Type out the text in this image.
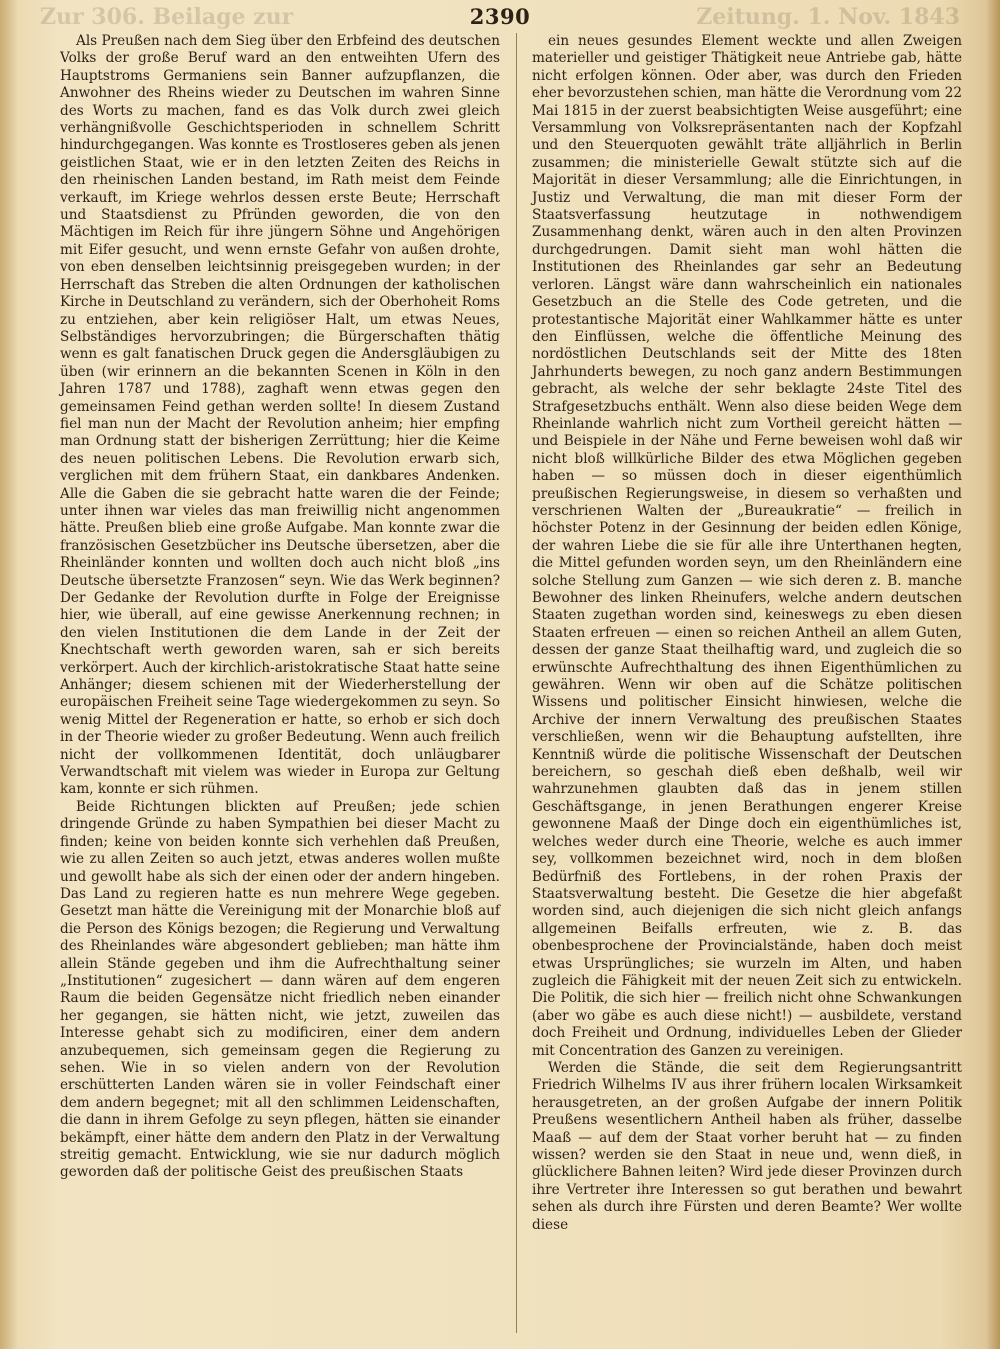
Zur 306. Beilage zur	Zeitung. 1. Nov. 1843
2390

Als Preußen nach dem Sieg über den Erbfeind des deutschen Volks der große Beruf ward an den entweihten Ufern des Hauptstroms Germaniens sein Banner aufzupflanzen, die Anwohner des Rheins wieder zu Deutschen im wahren Sinne des Worts zu machen, fand es das Volk durch zwei gleich verhängnißvolle Geschichtsperioden in schnellem Schritt hindurchgegangen. Was konnte es Trostloseres geben als jenen geistlichen Staat, wie er in den letzten Zeiten des Reichs in den rheinischen Landen bestand, im Rath meist dem Feinde verkauft, im Kriege wehrlos dessen erste Beute; Herrschaft und Staatsdienst zu Pfründen geworden, die von den Mächtigen im Reich für ihre jüngern Söhne und Angehörigen mit Eifer gesucht, und wenn ernste Gefahr von außen drohte, von eben denselben leichtsinnig preisgegeben wurden; in der Herrschaft das Streben die alten Ordnungen der katholischen Kirche in Deutschland zu verändern, sich der Oberhoheit Roms zu entziehen, aber kein religiöser Halt, um etwas Neues, Selbständiges hervorzubringen; die Bürgerschaften thätig wenn es galt fanatischen Druck gegen die Andersgläubigen zu üben (wir erinnern an die bekannten Scenen in Köln in den Jahren 1787 und 1788), zaghaft wenn etwas gegen den gemeinsamen Feind gethan werden sollte! In diesem Zustand fiel man nun der Macht der Revolution anheim; hier empfing man Ordnung statt der bisherigen Zerrüttung; hier die Keime des neuen politischen Lebens. Die Revolution erwarb sich, verglichen mit dem frühern Staat, ein dankbares Andenken. Alle die Gaben die sie gebracht hatte waren die der Feinde; unter ihnen war vieles das man freiwillig nicht angenommen hätte. Preußen blieb eine große Aufgabe. Man konnte zwar die französischen Gesetzbücher ins Deutsche übersetzen, aber die Rheinländer konnten und wollten doch auch nicht bloß „ins Deutsche übersetzte Franzosen“ seyn. Wie das Werk beginnen? Der Gedanke der Revolution durfte in Folge der Ereignisse hier, wie überall, auf eine gewisse Anerkennung rechnen; in den vielen Institutionen die dem Lande in der Zeit der Knechtschaft werth geworden waren, sah er sich bereits verkörpert. Auch der kirchlich-aristokratische Staat hatte seine Anhänger; diesem schienen mit der Wiederherstellung der europäischen Freiheit seine Tage wiedergekommen zu seyn. So wenig Mittel der Regeneration er hatte, so erhob er sich doch in der Theorie wieder zu großer Bedeutung. Wenn auch freilich nicht der vollkommenen Identität, doch unläugbarer Verwandtschaft mit vielem was wieder in Europa zur Geltung kam, konnte er sich rühmen.

Beide Richtungen blickten auf Preußen; jede schien dringende Gründe zu haben Sympathien bei dieser Macht zu finden; keine von beiden konnte sich verhehlen daß Preußen, wie zu allen Zeiten so auch jetzt, etwas anderes wollen mußte und gewollt habe als sich der einen oder der andern hingeben. Das Land zu regieren hatte es nun mehrere Wege gegeben. Gesetzt man hätte die Vereinigung mit der Monarchie bloß auf die Person des Königs bezogen; die Regierung und Verwaltung des Rheinlandes wäre abgesondert geblieben; man hätte ihm allein Stände gegeben und ihm die Aufrechthaltung seiner „Institutionen“ zugesichert — dann wären auf dem engeren Raum die beiden Gegensätze nicht friedlich neben einander her gegangen, sie hätten nicht, wie jetzt, zuweilen das Interesse gehabt sich zu modificiren, einer dem andern anzubequemen, sich gemeinsam gegen die Regierung zu sehen. Wie in so vielen andern von der Revolution erschütterten Landen wären sie in voller Feindschaft einer dem andern begegnet; mit all den schlimmen Leidenschaften, die dann in ihrem Gefolge zu seyn pflegen, hätten sie einander bekämpft, einer hätte dem andern den Platz in der Verwaltung streitig gemacht. Entwicklung, wie sie nur dadurch möglich geworden daß der politische Geist des preußischen Staats

ein neues gesundes Element weckte und allen Zweigen materieller und geistiger Thätigkeit neue Antriebe gab, hätte nicht erfolgen können. Oder aber, was durch den Frieden eher bevorzustehen schien, man hätte die Verordnung vom 22 Mai 1815 in der zuerst beabsichtigten Weise ausgeführt; eine Versammlung von Volksrepräsentanten nach der Kopfzahl und den Steuerquoten gewählt träte alljährlich in Berlin zusammen; die ministerielle Gewalt stützte sich auf die Majorität in dieser Versammlung; alle die Einrichtungen, in Justiz und Verwaltung, die man mit dieser Form der Staatsverfassung heutzutage in nothwendigem Zusammenhang denkt, wären auch in den alten Provinzen durchgedrungen. Damit sieht man wohl hätten die Institutionen des Rheinlandes gar sehr an Bedeutung verloren. Längst wäre dann wahrscheinlich ein nationales Gesetzbuch an die Stelle des Code getreten, und die protestantische Majorität einer Wahlkammer hätte es unter den Einflüssen, welche die öffentliche Meinung des nordöstlichen Deutschlands seit der Mitte des 18ten Jahrhunderts bewegen, zu noch ganz andern Bestimmungen gebracht, als welche der sehr beklagte 24ste Titel des Strafgesetzbuchs enthält. Wenn also diese beiden Wege dem Rheinlande wahrlich nicht zum Vortheil gereicht hätten — und Beispiele in der Nähe und Ferne beweisen wohl daß wir nicht bloß willkürliche Bilder des etwa Möglichen gegeben haben — so müssen doch in dieser eigenthümlich preußischen Regierungsweise, in diesem so verhaßten und verschrienen Walten der „Bureaukratie“ — freilich in höchster Potenz in der Gesinnung der beiden edlen Könige, der wahren Liebe die sie für alle ihre Unterthanen hegten, die Mittel gefunden worden seyn, um den Rheinländern eine solche Stellung zum Ganzen — wie sich deren z. B. manche Bewohner des linken Rheinufers, welche andern deutschen Staaten zugethan worden sind, keineswegs zu eben diesen Staaten erfreuen — einen so reichen Antheil an allem Guten, dessen der ganze Staat theilhaftig ward, und zugleich die so erwünschte Aufrechthaltung des ihnen Eigenthümlichen zu gewähren. Wenn wir oben auf die Schätze politischen Wissens und politischer Einsicht hinwiesen, welche die Archive der innern Verwaltung des preußischen Staates verschließen, wenn wir die Behauptung aufstellten, ihre Kenntniß würde die politische Wissenschaft der Deutschen bereichern, so geschah dieß eben deßhalb, weil wir wahrzunehmen glaubten daß das in jenem stillen Geschäftsgange, in jenen Berathungen engerer Kreise gewonnene Maaß der Dinge doch ein eigenthümliches ist, welches weder durch eine Theorie, welche es auch immer sey, vollkommen bezeichnet wird, noch in dem bloßen Bedürfniß des Fortlebens, in der rohen Praxis der Staatsverwaltung besteht. Die Gesetze die hier abgefaßt worden sind, auch diejenigen die sich nicht gleich anfangs allgemeinen Beifalls erfreuten, wie z. B. das obenbesprochene der Provincialstände, haben doch meist etwas Ursprüngliches; sie wurzeln im Alten, und haben zugleich die Fähigkeit mit der neuen Zeit sich zu entwickeln. Die Politik, die sich hier — freilich nicht ohne Schwankungen (aber wo gäbe es auch diese nicht!) — ausbildete, verstand doch Freiheit und Ordnung, individuelles Leben der Glieder mit Concentration des Ganzen zu vereinigen.

Werden die Stände, die seit dem Regierungsantritt Friedrich Wilhelms IV aus ihrer frühern localen Wirksamkeit herausgetreten, an der großen Aufgabe der innern Politik Preußens wesentlichern Antheil haben als früher, dasselbe Maaß — auf dem der Staat vorher beruht hat — zu finden wissen? werden sie den Staat in neue und, wenn dieß, in glücklichere Bahnen leiten? Wird jede dieser Provinzen durch ihre Vertreter ihre Interessen so gut berathen und bewahrt sehen als durch ihre Fürsten und deren Beamte? Wer wollte diese
